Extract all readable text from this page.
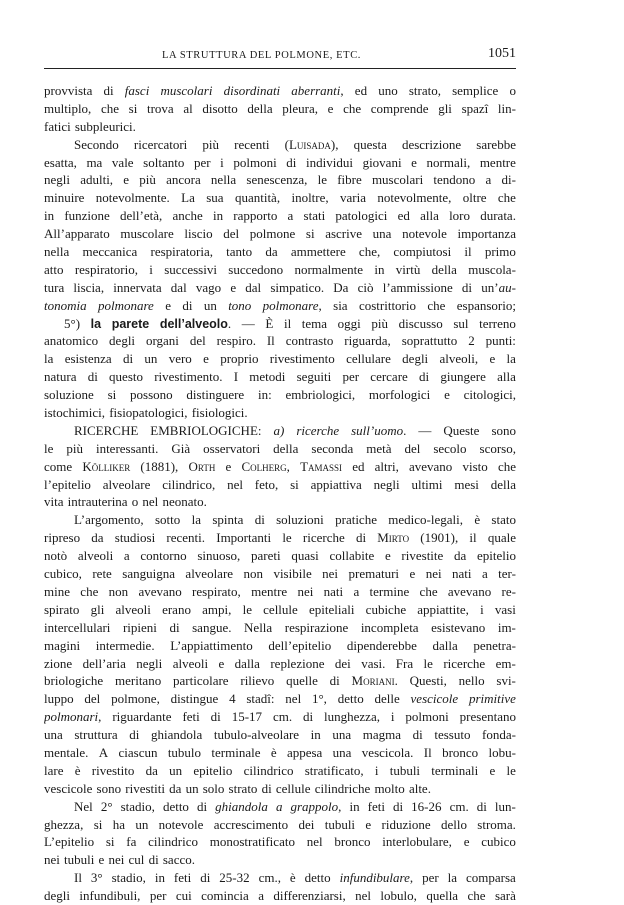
LA STRUTTURA DEL POLMONE, ETC.	1051
provvista di fasci muscolari disordinati aberranti, ed uno strato, semplice o
multiplo, che si trova al disotto della pleura, e che comprende gli spazî lin-
fatici subpleurici.
Secondo ricercatori più recenti (Luisada), questa descrizione sarebbe
esatta, ma vale soltanto per i polmoni di individui giovani e normali, mentre
negli adulti, e più ancora nella senescenza, le fibre muscolari tendono a di-
minuire notevolmente. La sua quantità, inoltre, varia notevolmente, oltre che
in funzione dell’età, anche in rapporto a stati patologici ed alla loro durata.
All’apparato muscolare liscio del polmone si ascrive una notevole importanza
nella meccanica respiratoria, tanto da ammettere che, compiutosi il primo
atto respiratorio, i successivi succedono normalmente in virtù della muscola-
tura liscia, innervata dal vago e dal simpatico. Da ciò l’ammissione di un’au-
tonomia polmonare e di un tono polmonare, sia costrittorio che espansorio;
5°) la parete dell’alveolo. — È il tema oggi più discusso sul terreno
anatomico degli organi del respiro. Il contrasto riguarda, soprattutto 2 punti:
la esistenza di un vero e proprio rivestimento cellulare degli alveoli, e la
natura di questo rivestimento. I metodi seguiti per cercare di giungere alla
soluzione si possono distinguere in: embriologici, morfologici e citologici,
istochimici, fisiopatologici, fisiologici.
RICERCHE EMBRIOLOGICHE: a) ricerche sull’uomo. — Queste sono
le più interessanti. Già osservatori della seconda metà del secolo scorso,
come Kölliker (1881), Orth e Colherg, Tamassi ed altri, avevano visto che
l’epitelio alveolare cilindrico, nel feto, si appiattiva negli ultimi mesi della
vita intrauterina o nel neonato.
L’argomento, sotto la spinta di soluzioni pratiche medico-legali, è stato
ripreso da studiosi recenti. Importanti le ricerche di Mirto (1901), il quale
notò alveoli a contorno sinuoso, pareti quasi collabite e rivestite da epitelio
cubico, rete sanguigna alveolare non visibile nei prematuri e nei nati a ter-
mine che non avevano respirato, mentre nei nati a termine che avevano re-
spirato gli alveoli erano ampi, le cellule epiteliali cubiche appiattite, i vasi
intercellulari ripieni di sangue. Nella respirazione incompleta esistevano im-
magini intermedie. L’appiattimento dell’epitelio dipenderebbe dalla penetra-
zione dell’aria negli alveoli e dalla replezione dei vasi. Fra le ricerche em-
briologiche meritano particolare rilievo quelle di Moriani. Questi, nello svi-
luppo del polmone, distingue 4 stadî: nel 1°, detto delle vescicole primitive
polmonari, riguardante feti di 15-17 cm. di lunghezza, i polmoni presentano
una struttura di ghiandola tubulo-alveolare in una magma di tessuto fonda-
mentale. A ciascun tubulo terminale è appesa una vescicola. Il bronco lobu-
lare è rivestito da un epitelio cilindrico stratificato, i tubuli terminali e le
vescicole sono rivestiti da un solo strato di cellule cilindriche molto alte.
Nel 2° stadio, detto di ghiandola a grappolo, in feti di 16-26 cm. di lun-
ghezza, si ha un notevole accrescimento dei tubuli e riduzione dello stroma.
L’epitelio si fa cilindrico monostratificato nel bronco interlobulare, e cubico
nei tubuli e nei cul di sacco.
Il 3° stadio, in feti di 25-32 cm., è detto infundibulare, per la comparsa
degli infundibuli, per cui comincia a differenziarsi, nel lobulo, quella che sarà
